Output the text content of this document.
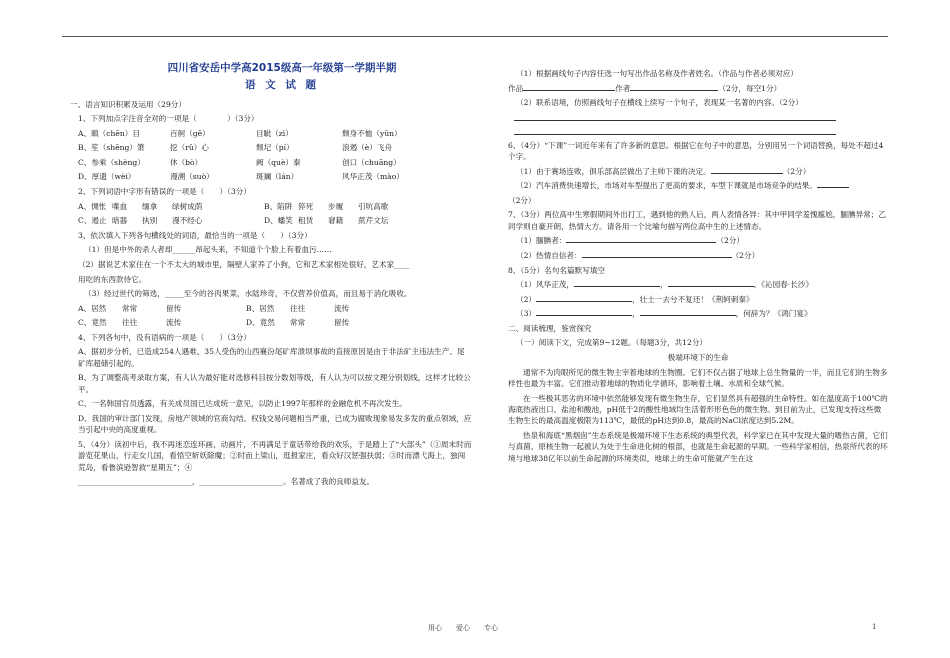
四川省安岳中学高2015级高一年级第一学期半期
语 文 试 题

一、语言知识积累及运用（29分）

1、下列加点字注音全对的一项是（　　　　）（3分）

A、瞋（chēn）目	百舸（gē）	目眦（zì）	颓身不恤（yūn）
B、笙（shēng）箫	挖（rǔ）心	颓圮（pí）	浪遏（è）飞舟
C、参乘（shèng）	休（bò）	阙（què）秦	创口（chuāng）
D、厚遗（wèi）	漫溯（suò）	斑斓（lán）	风华正茂（mào）

2、下列词语中字形有错误的一项是（　　）（3分）

A、惆怅 喋血	缅拿	绿树成荫	B、陷阱 猝死	步履	引吭高歌
C、遏止 暗器	执别	漫不经心	D、蟠笑 租赁	窘籍	蔗芹文坛

3、依次填入下列各句横线处的词语，最恰当的一项是（　　）（3分）

（1）但是中外的杀人者却______昂起头来，不知道个个脸上有着血污……

（2）据说艺术家住在一个不太大的城市里，隔壁人家养了小狗，它和艺术家相处很好，艺术家____

用吃的东西款待它。

（3）经过世代的筛选，_____至今的谷肉果菜，水陆珍奇，不仅营养价值高，而且易于消化吸收。

A、居然	常常	留传	B、居然	往往	流传
C、竟然	往往	流传	D、竟然	常常	留传

4、下列各句中，没有语病的一项是（　　）（3分）

A、据初步分析，已造成254人遇难、35人受伤的山西襄汾尾矿库溃坝事故的直接原因是由于非法矿主违法生产、尾矿库超储引起的。

B、为了调整高考录取方案，有人认为最好能对选修科目按分数划等级，有人认为可以按文理分别划线，这样才比较公平。

C、一名韩国官员透露，有关成员国已达成统一意见，以防止1997年那样的金融危机不再次发生。

D、我国的审计部门发现，房地产领域的官商勾结、权钱交易问题相当严重，已成为腐败现象易发多发的重点领域，应当引起中央的高度重视。

5、（4分）读初中后，我不再迷恋连环画、动画片，不再满足于童话带给我的欢乐，于是踏上了“大部头”（①周末时而游览花果山，行走女儿国，看悟空斩妖除魔；②时而上梁山，逛报家庄，看众好汉惩强扶弱；③时而漂弋海上，独闯荒岛，看鲁滨逊智救“星期五”；④

______________________________，______________________。名著成了我的良师益友。

（1）根据画线句子内容任选一句写出作品名称及作者姓名。（作品与作者必须对应）

作品	作者	（2分，每空1分）

（2）联系语境，仿照画线句子在横线上续写一个句子，表现某一名著的内容。（2分）

6、（4分）“下课”一词近年来有了许多新的意思。根据它在句子中的意思，分别用另一个词语替换，每处不超过4个字。

（1）由于赛场连败，俱乐部高层做出了主帅下课的决定。	（2分）

（2）汽车消费快速增长，市场对车型提出了更高的要求，车型下课就是市场竞争的结果。

（2分）

7、（3分）两位高中生寒假期间外出打工，遇到他的熟人后，两人表情各异：其中甲同学羞愧尴尬，腼腆异常；乙同学则自豪开朗，热情大方。请各用一个比喻句描写两位高中生的上述情态。

（1）腼腆者：	（2分）

（2）热情自信者：	（2分）

8、（5分）名句名篇默写填空

（1）风华正茂，	，	。《沁园春·长沙》

（2）	，壮士一去兮不复还！《荆轲刺秦》

（3）	，	，何辞为？《鸿门宴》

二、阅读梳理，鉴赏探究

（一）阅读下文，完成第9~12题。（每题3分，共12分）

极端环境下的生命

通常不为肉眼所见的微生物主宰着地球的生物圈。它们不仅占据了地球上总生物量的一半，而且它们的生物多样性也最为丰富。它们推动着地球的物质化学循环，影响着土壤、水质和全球气候。

在一些极其恶劣的环境中依然能够发现有微生物生存，它们显然具有超强的生命特性。如在温度高于100℃的海底热液出口、盐池和酸池，pH低于2的酸性地域均生活着形形色色的微生物。到目前为止，已发现支持这些微生物生长的最高温度极限为113℃，最低的pH达到0.8，最高的NaCl浓度达到5.2M。

热泉和海底“黑烟囱”生态系统是极端环境下生态系统的典型代表，科学家已在其中发现大量的嗜热古菌，它们与真菌、原核生物一起被认为处于生命进化树的根部，也就是生命起源的早期。一些科学家相信，热泉所代表的环境与地球38亿年以前生命起源的环境类似，地球上的生命可能就产生在这

用心　　爱心　　专心	1
